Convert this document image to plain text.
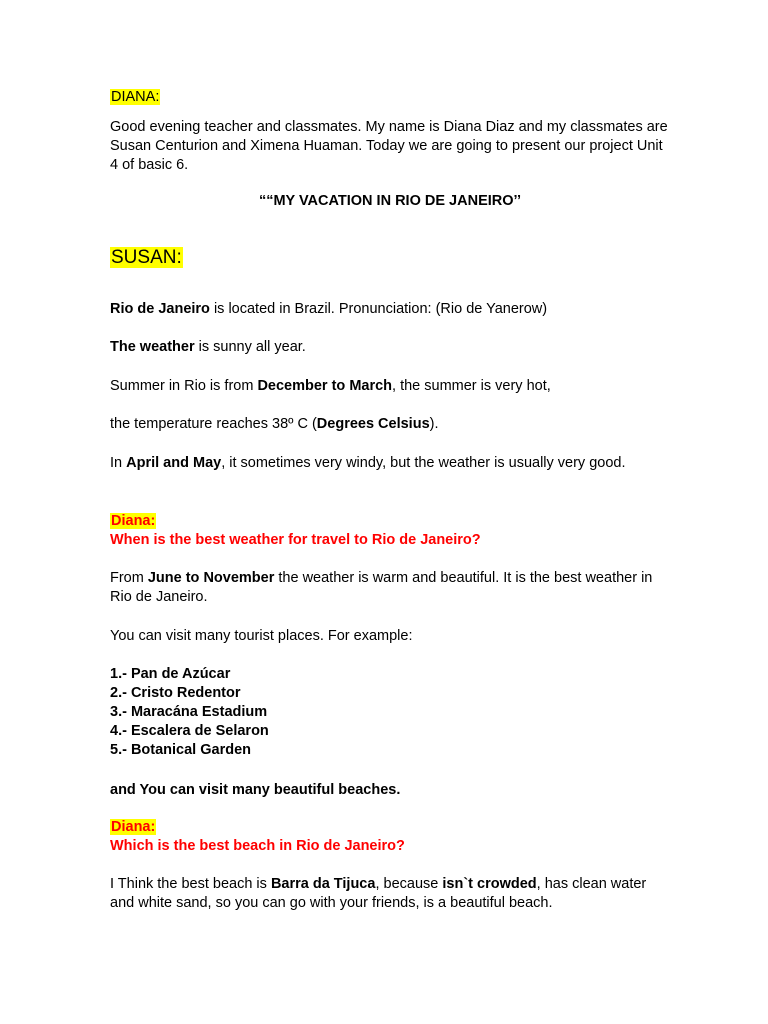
DIANA:
Good evening teacher and classmates. My name is Diana Diaz and my classmates are Susan Centurion and Ximena Huaman. Today we are going to present our project Unit 4 of basic 6.
““MY VACATION IN RIO DE JANEIRO’’
SUSAN:
Rio de Janeiro is located in Brazil. Pronunciation: (Rio de Yanerow)
The weather is sunny all year.
Summer in Rio is from December to March, the summer is very hot,
the temperature reaches 38º C (Degrees Celsius).
In April and May, it sometimes very windy, but the weather is usually very good.
Diana:
When is the best weather for travel to Rio de Janeiro?
From June to November the weather is warm and beautiful. It is the best weather in Rio de Janeiro.
You can visit many tourist places. For example:
1.- Pan de Azúcar
2.- Cristo Redentor
3.- Maracána Estadium
4.- Escalera de Selaron
5.- Botanical Garden
and You can visit many beautiful beaches.
Diana:
Which is the best beach in Rio de Janeiro?
I Think the best beach is Barra da Tijuca, because isn`t crowded, has clean water and white sand, so you can go with your friends, is a beautiful beach.
